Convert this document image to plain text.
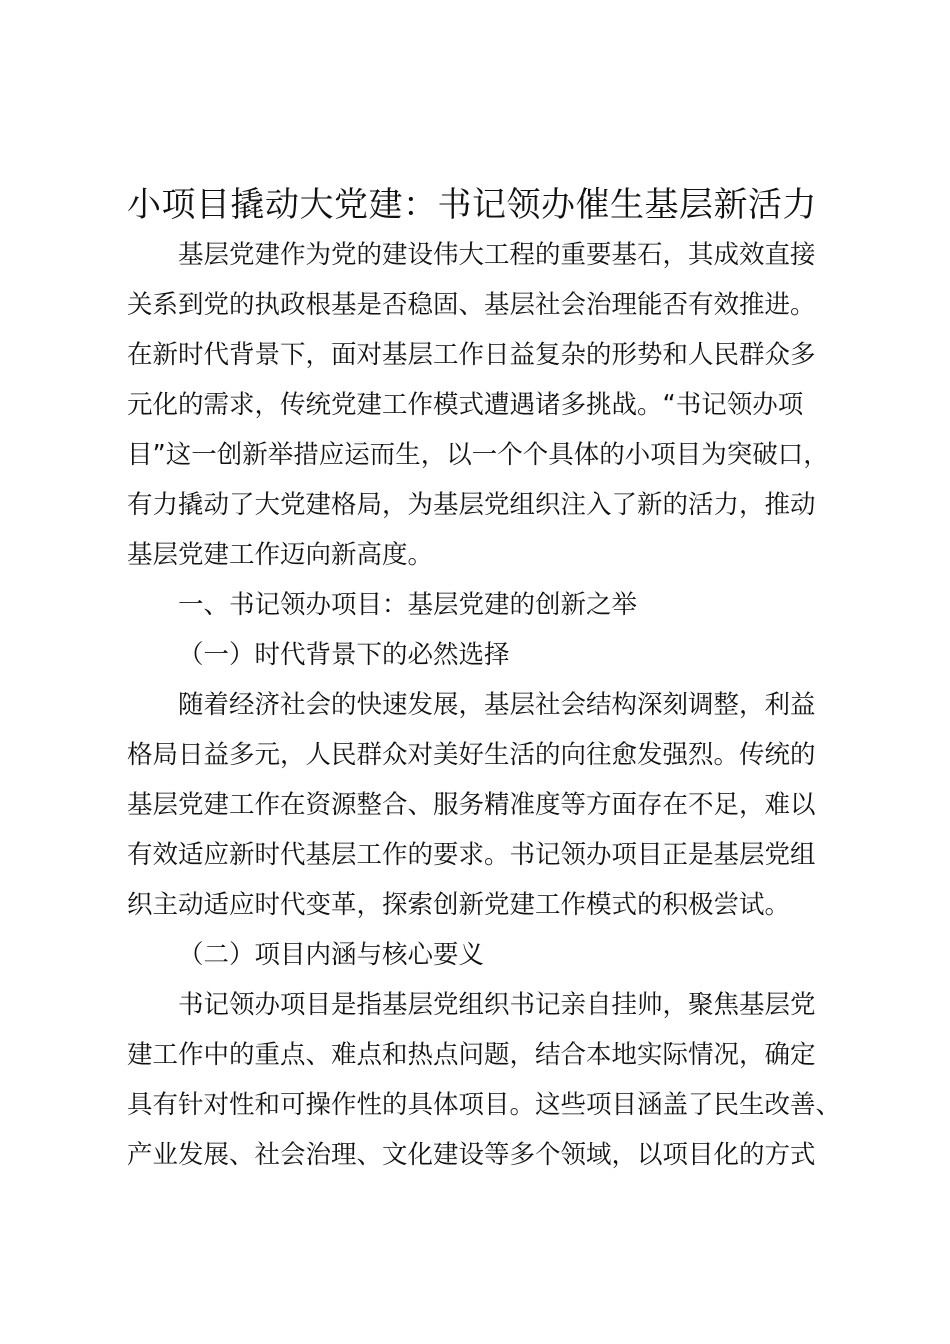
小项目撬动大党建：书记领办催生基层新活力

基层党建作为党的建设伟大工程的重要基石，其成效直接
关系到党的执政根基是否稳固、基层社会治理能否有效推进。
在新时代背景下，面对基层工作日益复杂的形势和人民群众多
元化的需求，传统党建工作模式遭遇诸多挑战。“书记领办项
目”这一创新举措应运而生，以一个个具体的小项目为突破口，
有力撬动了大党建格局，为基层党组织注入了新的活力，推动
基层党建工作迈向新高度。

一、书记领办项目：基层党建的创新之举

（一）时代背景下的必然选择

随着经济社会的快速发展，基层社会结构深刻调整，利益
格局日益多元，人民群众对美好生活的向往愈发强烈。传统的
基层党建工作在资源整合、服务精准度等方面存在不足，难以
有效适应新时代基层工作的要求。书记领办项目正是基层党组
织主动适应时代变革，探索创新党建工作模式的积极尝试。

（二）项目内涵与核心要义

书记领办项目是指基层党组织书记亲自挂帅，聚焦基层党
建工作中的重点、难点和热点问题，结合本地实际情况，确定
具有针对性和可操作性的具体项目。这些项目涵盖了民生改善、
产业发展、社会治理、文化建设等多个领域，以项目化的方式
